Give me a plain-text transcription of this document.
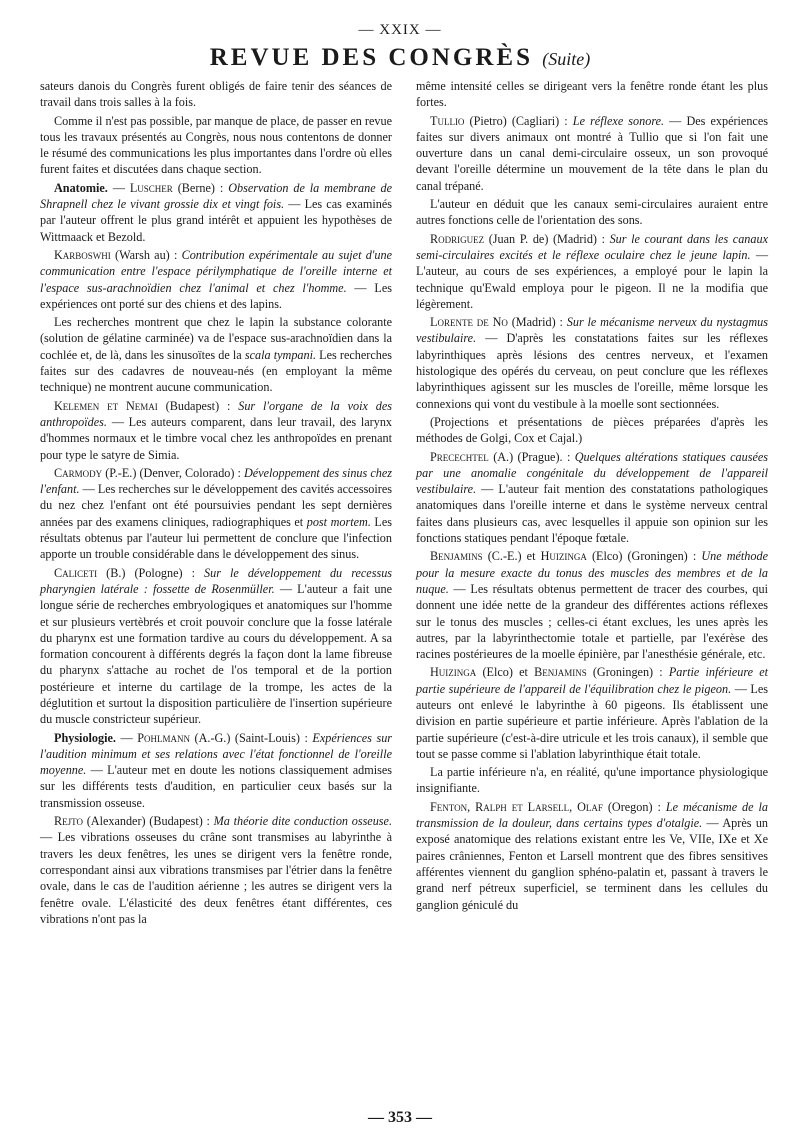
— XXIX —
REVUE DES CONGRÈS (Suite)

sateurs danois du Congrès furent obligés de faire tenir des séances de travail dans trois salles à la fois.

Comme il n'est pas possible, par manque de place, de passer en revue tous les travaux présentés au Congrès, nous nous contentons de donner le résumé des communications les plus importantes dans l'ordre où elles furent faites et discutées dans chaque section.

Anatomie. — Luscher (Berne) : Observation de la membrane de Shrapnell chez le vivant grossie dix et vingt fois. — Les cas examinés par l'auteur offrent le plus grand intérêt et appuient les hypothèses de Wittmaack et Bezold.

Karboswhi (Warsh au) : Contribution expérimentale au sujet d'une communication entre l'espace périlymphatique de l'oreille interne et l'espace sus-arachnoïdien chez l'animal et chez l'homme. — Les expériences ont porté sur des chiens et des lapins.

Les recherches montrent que chez le lapin la substance colorante (solution de gélatine carminée) va de l'espace sus-arachnoïdien dans la cochlée et, de là, dans les sinusoïtes de la scala tympani. Les recherches faites sur des cadavres de nouveau-nés (en employant la même technique) ne montrent aucune communication.

Kelemen et Nemai (Budapest) : Sur l'organe de la voix des anthropoïdes. — Les auteurs comparent, dans leur travail, des larynx d'hommes normaux et le timbre vocal chez les anthropoïdes en prenant pour type le satyre de Simia.

Carmody (P.-E.) (Denver, Colorado) : Développement des sinus chez l'enfant. — Les recherches sur le développement des cavités accessoires du nez chez l'enfant ont été poursuivies pendant les sept dernières années par des examens cliniques, radiographiques et post mortem. Les résultats obtenus par l'auteur lui permettent de conclure que l'infection apporte un trouble considérable dans le développement des sinus.

Caliceti (B.) (Pologne) : Sur le développement du recessus pharyngien latérale : fossette de Rosenmüller. — L'auteur a fait une longue série de recherches embryologiques et anatomiques sur l'homme et sur plusieurs vertèbrés et croit pouvoir conclure que la fosse latérale du pharynx est une formation tardive au cours du développement. A sa formation concourent à différents degrés la façon dont la lame fibreuse du pharynx s'attache au rochet de l'os temporal et de la portion postérieure et interne du cartilage de la trompe, les actes de la déglutition et surtout la disposition particulière de l'insertion supérieure du muscle constricteur supérieur.

Physiologie. — Pohlmann (A.-G.) (Saint-Louis) : Expériences sur l'audition minimum et ses relations avec l'état fonctionnel de l'oreille moyenne. — L'auteur met en doute les notions classiquement admises sur les différents tests d'audition, en particulier ceux basés sur la transmission osseuse.

Rejto (Alexander) (Budapest) : Ma théorie dite conduction osseuse. — Les vibrations osseuses du crâne sont transmises au labyrinthe à travers les deux fenêtres, les unes se dirigent vers la fenêtre ronde, correspondant ainsi aux vibrations transmises par l'étrier dans la fenêtre ovale, dans le cas de l'audition aérienne ; les autres se dirigent vers la fenêtre ovale. L'élasticité des deux fenêtres étant différentes, ces vibrations n'ont pas la

même intensité celles se dirigeant vers la fenêtre ronde étant les plus fortes.

Tullio (Pietro) (Cagliari) : Le réflexe sonore. — Des expériences faites sur divers animaux ont montré à Tullio que si l'on fait une ouverture dans un canal demi-circulaire osseux, un son provoqué devant l'oreille détermine un mouvement de la tête dans le plan du canal trépané.

L'auteur en déduit que les canaux semi-circulaires auraient entre autres fonctions celle de l'orientation des sons.

Rodriguez (Juan P. de) (Madrid) : Sur le courant dans les canaux semi-circulaires excités et le réflexe oculaire chez le jeune lapin. — L'auteur, au cours de ses expériences, a employé pour le lapin la technique qu'Ewald employa pour le pigeon. Il ne la modifia que légèrement.

Lorente de No (Madrid) : Sur le mécanisme nerveux du nystagmus vestibulaire. — D'après les constatations faites sur les réflexes labyrinthiques après lésions des centres nerveux, et l'examen histologique des opérés du cerveau, on peut conclure que les réflexes labyrinthiques agissent sur les muscles de l'oreille, même lorsque les connexions qui vont du vestibule à la moelle sont sectionnées.

(Projections et présentations de pièces préparées d'après les méthodes de Golgi, Cox et Cajal.)

Precechtel (A.) (Prague). : Quelques altérations statiques causées par une anomalie congénitale du développement de l'appareil vestibulaire. — L'auteur fait mention des constatations pathologiques anatomiques dans l'oreille interne et dans le système nerveux central faites dans plusieurs cas, avec lesquelles il appuie son opinion sur les fonctions statiques pendant l'époque fœtale.

Benjamins (C.-E.) et Huizinga (Elco) (Groningen) : Une méthode pour la mesure exacte du tonus des muscles des membres et de la nuque. — Les résultats obtenus permettent de tracer des courbes, qui donnent une idée nette de la grandeur des différentes actions réflexes sur le tonus des muscles ; celles-ci étant exclues, les unes après les autres, par la labyrinthectomie totale et partielle, par l'exérèse des racines postérieures de la moelle épinière, par l'anesthésie générale, etc.

Huizinga (Elco) et Benjamins (Groningen) : Partie inférieure et partie supérieure de l'appareil de l'équilibration chez le pigeon. — Les auteurs ont enlevé le labyrinthe à 60 pigeons. Ils établissent une division en partie supérieure et partie inférieure. Après l'ablation de la partie supérieure (c'est-à-dire utricule et les trois canaux), il semble que tout se passe comme si l'ablation labyrinthique était totale.

La partie inférieure n'a, en réalité, qu'une importance physiologique insignifiante.

Fenton, Ralph et Larsell, Olaf (Oregon) : Le mécanisme de la transmission de la douleur, dans certains types d'otalgie. — Après un exposé anatomique des relations existant entre les Ve, VIIe, IXe et Xe paires crâniennes, Fenton et Larsell montrent que des fibres sensitives afférentes viennent du ganglion sphéno-palatin et, passant à travers le grand nerf pétreux superficiel, se terminent dans les cellules du ganglion géniculé du

— 353 —
